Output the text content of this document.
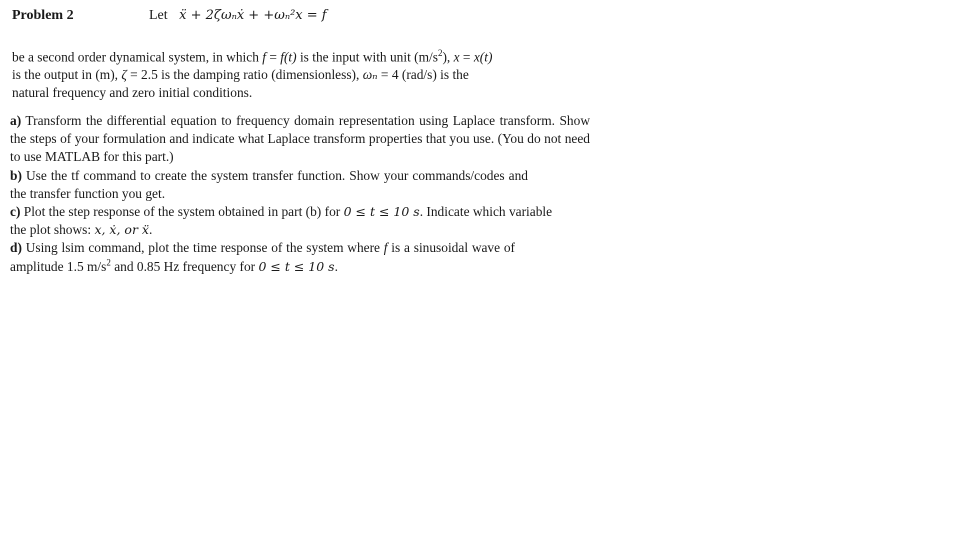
Problem 2	Let ẍ + 2ζωₙẋ + +ωₙ²x = f
be a second order dynamical system, in which f = f(t) is the input with unit $(m/s^2)$, x = x(t)
is the output in (m), ζ = 2.5 is the damping ratio (dimensionless), ωₙ = 4 (rad/s) is the
natural frequency and zero initial conditions.

a) Transform the differential equation to frequency domain representation using Laplace transform. Show the steps of your formulation and indicate what Laplace transform properties that you use. (You do not need to use MATLAB for this part.)

b) Use the tf command to create the system transfer function. Show your commands/codes and the transfer function you get.

c) Plot the step response of the system obtained in part (b) for 0 ≤ t ≤ 10 s. Indicate which variable the plot shows: x, ẋ, or ẍ.

d) Using lsim command, plot the time response of the system where f is a sinusoidal wave of amplitude 1.5 $m/s^2$ and 0.85 Hz frequency for 0 ≤ t ≤ 10 s.
